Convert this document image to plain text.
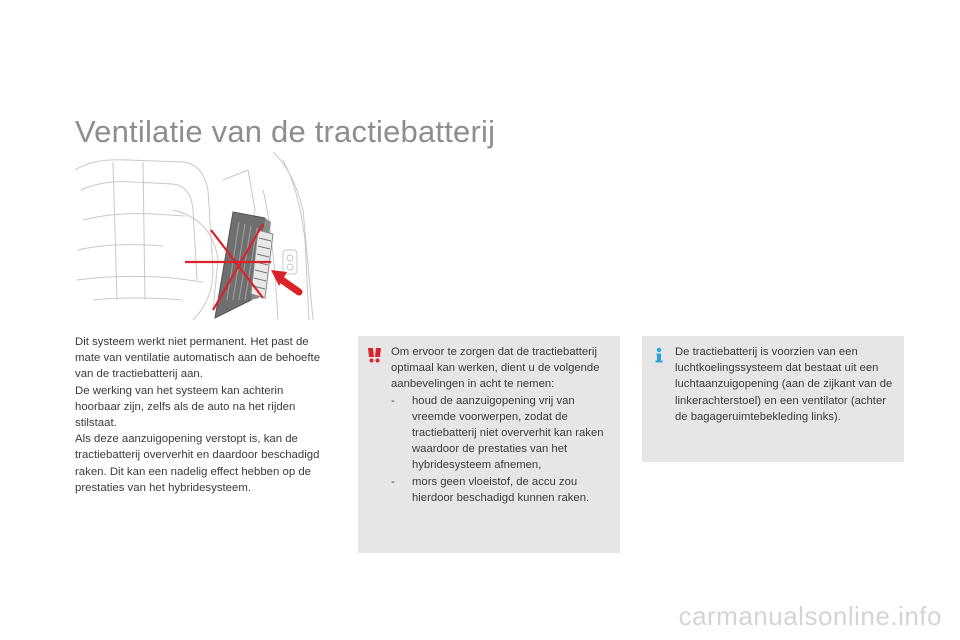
Ventilatie van de tractiebatterij

Dit systeem werkt niet permanent. Het past de mate van ventilatie automatisch aan de behoefte van de tractiebatterij aan.

De werking van het systeem kan achterin hoorbaar zijn, zelfs als de auto na het rijden stilstaat.

Als deze aanzuigopening verstopt is, kan de tractiebatterij oververhit en daardoor beschadigd raken. Dit kan een nadelig effect hebben op de prestaties van het hybridesysteem.

Om ervoor te zorgen dat de tractiebatterij optimaal kan werken, dient u de volgende aanbevelingen in acht te nemen:

- houd de aanzuigopening vrij van vreemde voorwerpen, zodat de tractiebatterij niet oververhit kan raken waardoor de prestaties van het hybridesysteem afnemen,
- mors geen vloeistof, de accu zou hierdoor beschadigd kunnen raken.

De tractiebatterij is voorzien van een luchtkoelingssysteem dat bestaat uit een luchtaanzuigopening (aan de zijkant van de linkerachterstoel) en een ventilator (achter de bagageruimtebekleding links).

carmanualsonline.info
